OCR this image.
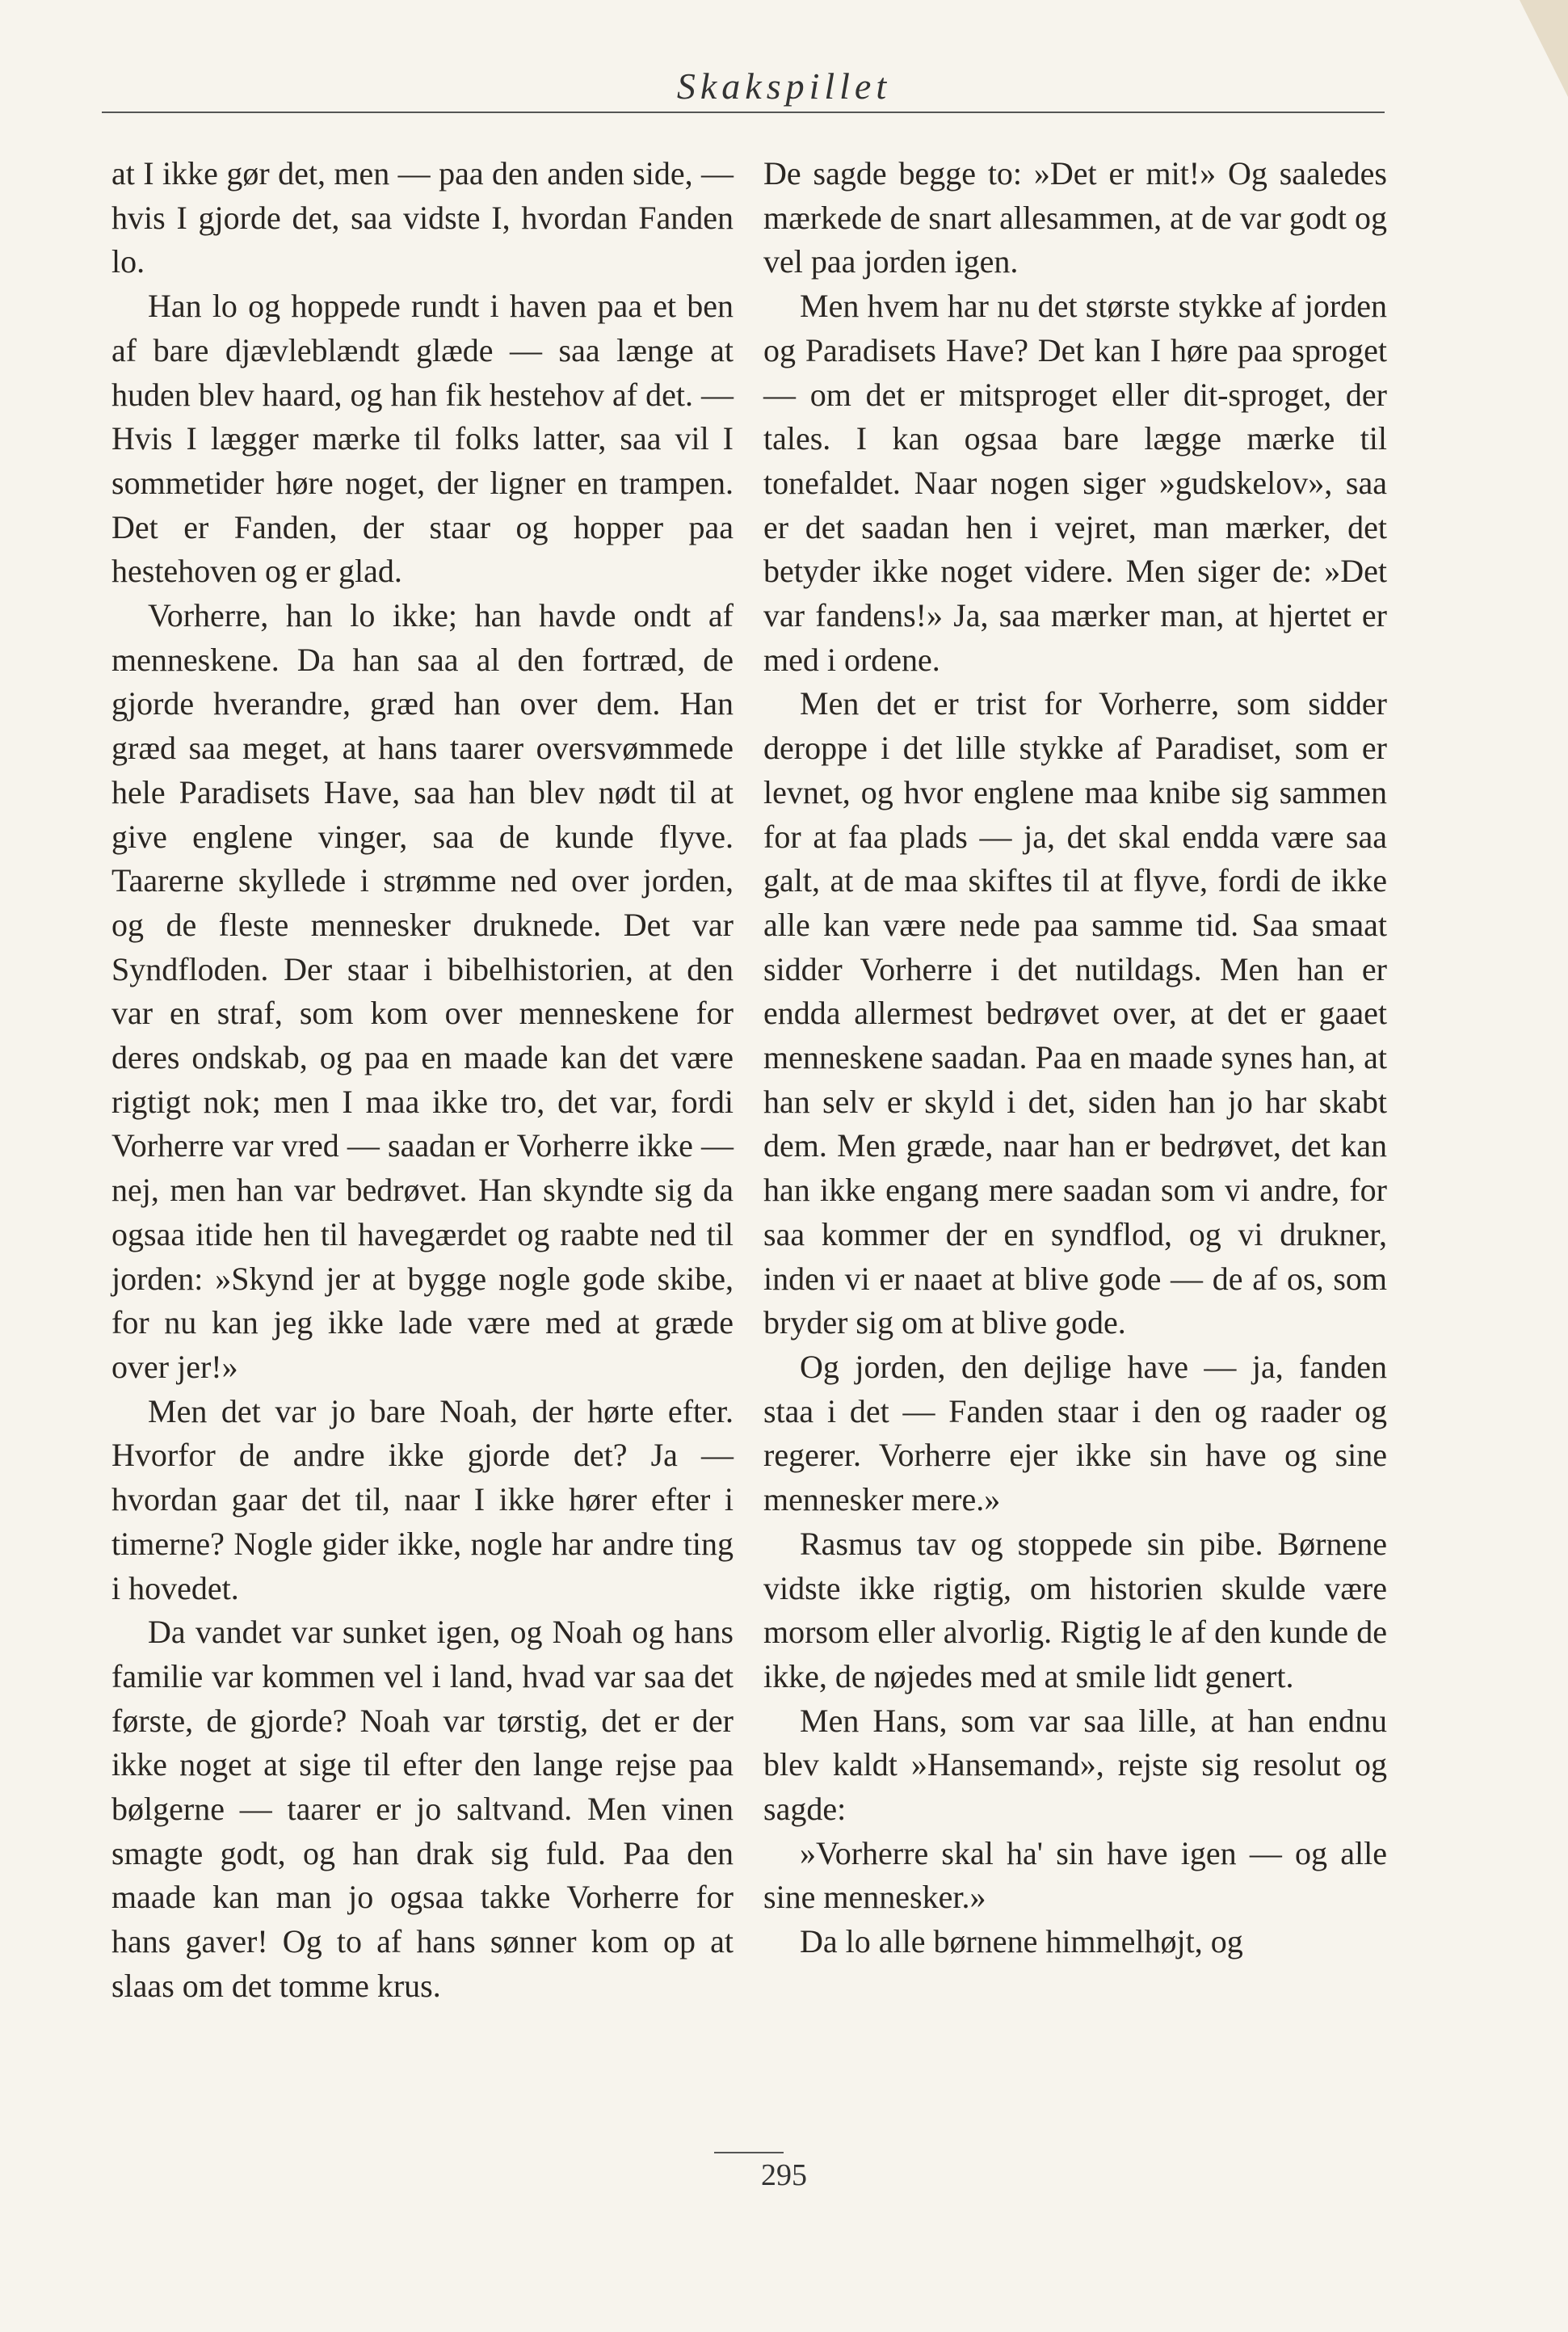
Skakspillet

at I ikke gør det, men — paa den anden side, — hvis I gjorde det, saa vidste I, hvordan Fanden lo.

Han lo og hoppede rundt i haven paa et ben af bare djævleblændt glæde — saa længe at huden blev haard, og han fik hestehov af det. — Hvis I lægger mærke til folks latter, saa vil I sommetider høre noget, der ligner en trampen. Det er Fanden, der staar og hopper paa hestehoven og er glad.

Vorherre, han lo ikke; han havde ondt af menneskene. Da han saa al den fortræd, de gjorde hverandre, græd han over dem. Han græd saa meget, at hans taarer oversvømmede hele Paradisets Have, saa han blev nødt til at give englene vinger, saa de kunde flyve. Taarerne skyllede i strømme ned over jorden, og de fleste mennesker druknede. Det var Syndfloden. Der staar i bibelhistorien, at den var en straf, som kom over menneskene for deres ondskab, og paa en maade kan det være rigtigt nok; men I maa ikke tro, det var, fordi Vorherre var vred — saadan er Vorherre ikke — nej, men han var bedrøvet. Han skyndte sig da ogsaa itide hen til havegærdet og raabte ned til jorden: »Skynd jer at bygge nogle gode skibe, for nu kan jeg ikke lade være med at græde over jer!»

Men det var jo bare Noah, der hørte efter. Hvorfor de andre ikke gjorde det? Ja — hvordan gaar det til, naar I ikke hører efter i timerne? Nogle gider ikke, nogle har andre ting i hovedet.

Da vandet var sunket igen, og Noah og hans familie var kommen vel i land, hvad var saa det første, de gjorde? Noah var tørstig, det er der ikke noget at sige til efter den lange rejse paa bølgerne — taarer er jo saltvand. Men vinen smagte godt, og han drak sig fuld. Paa den maade kan man jo ogsaa takke Vorherre for hans gaver! Og to af hans sønner kom op at slaas om det tomme krus.

De sagde begge to: »Det er mit!» Og saaledes mærkede de snart allesammen, at de var godt og vel paa jorden igen.

Men hvem har nu det største stykke af jorden og Paradisets Have? Det kan I høre paa sproget — om det er mitsproget eller dit-sproget, der tales. I kan ogsaa bare lægge mærke til tonefaldet. Naar nogen siger »gudskelov», saa er det saadan hen i vejret, man mærker, det betyder ikke noget videre. Men siger de: »Det var fandens!» Ja, saa mærker man, at hjertet er med i ordene.

Men det er trist for Vorherre, som sidder deroppe i det lille stykke af Paradiset, som er levnet, og hvor englene maa knibe sig sammen for at faa plads — ja, det skal endda være saa galt, at de maa skiftes til at flyve, fordi de ikke alle kan være nede paa samme tid. Saa smaat sidder Vorherre i det nutildags. Men han er endda allermest bedrøvet over, at det er gaaet menneskene saadan. Paa en maade synes han, at han selv er skyld i det, siden han jo har skabt dem. Men græde, naar han er bedrøvet, det kan han ikke engang mere saadan som vi andre, for saa kommer der en syndflod, og vi drukner, inden vi er naaet at blive gode — de af os, som bryder sig om at blive gode.

Og jorden, den dejlige have — ja, fanden staa i det — Fanden staar i den og raader og regerer. Vorherre ejer ikke sin have og sine mennesker mere.»

Rasmus tav og stoppede sin pibe. Børnene vidste ikke rigtig, om historien skulde være morsom eller alvorlig. Rigtig le af den kunde de ikke, de nøjedes med at smile lidt genert.

Men Hans, som var saa lille, at han endnu blev kaldt »Hansemand», rejste sig resolut og sagde:

»Vorherre skal ha' sin have igen — og alle sine mennesker.»

Da lo alle børnene himmelhøjt, og

295
